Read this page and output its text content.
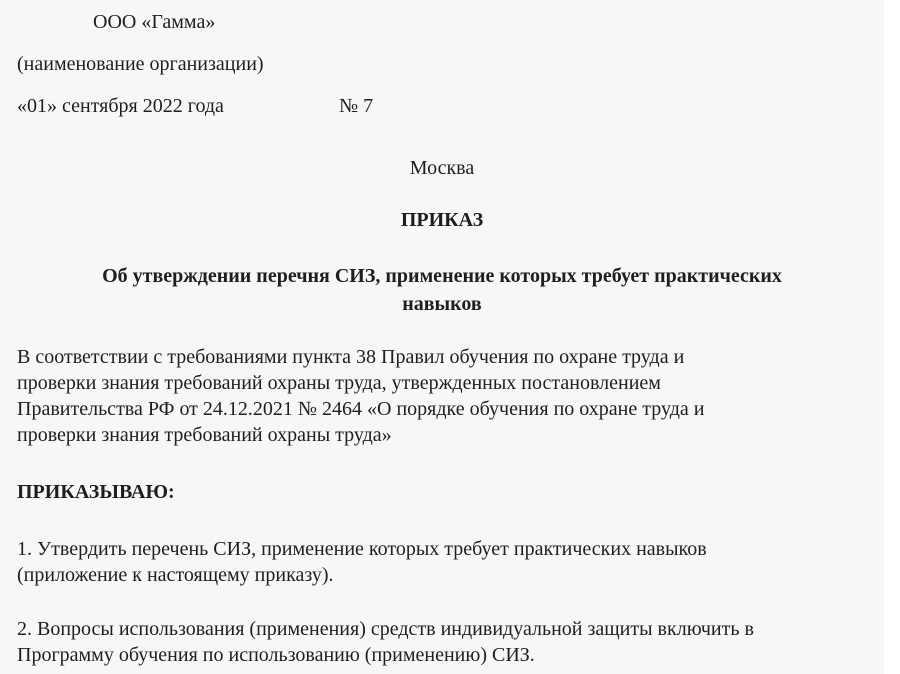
ООО «Гамма»
(наименование организации)
«01» сентября 2022 года	№ 7
Москва
ПРИКАЗ
Об утверждении перечня СИЗ, применение которых требует практических
навыков
В соответствии с требованиями пункта 38 Правил обучения по охране труда и
проверки знания требований охраны труда, утвержденных постановлением
Правительства РФ от 24.12.2021 № 2464 «О порядке обучения по охране труда и
проверки знания требований охраны труда»
ПРИКАЗЫВАЮ:
1. Утвердить перечень СИЗ, применение которых требует практических навыков
(приложение к настоящему приказу).
2. Вопросы использования (применения) средств индивидуальной защиты включить в
Программу обучения по использованию (применению) СИЗ.
